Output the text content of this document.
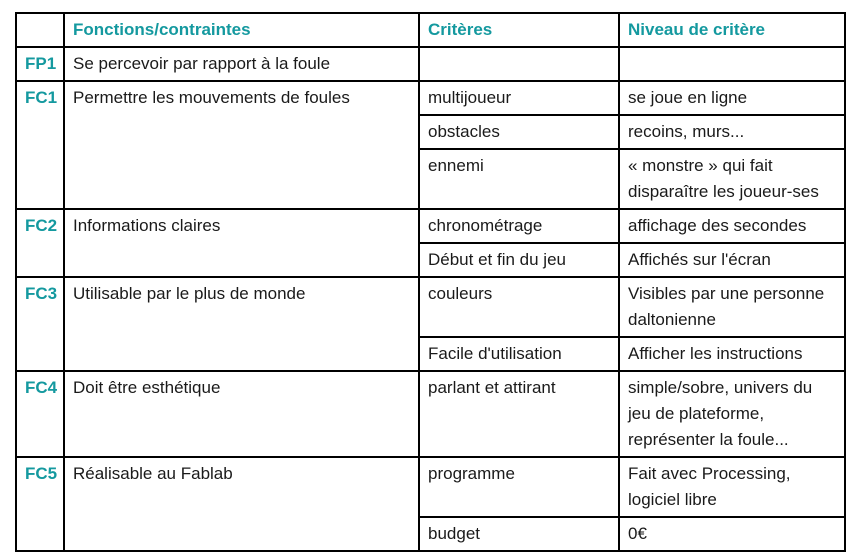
	Fonctions/contraintes	Critères	Niveau de critère
FP1	Se percevoir par rapport à la foule		
FC1	Permettre les mouvements de foules	multijoueur	se joue en ligne
		obstacles	recoins, murs...
		ennemi	« monstre » qui fait disparaître les joueur-ses
FC2	Informations claires	chronométrage	affichage des secondes
		Début et fin du jeu	Affichés sur l'écran
FC3	Utilisable par le plus de monde	couleurs	Visibles par une personne daltonienne
		Facile d'utilisation	Afficher les instructions
FC4	Doit être esthétique	parlant et attirant	simple/sobre, univers du jeu de plateforme, représenter la foule...
FC5	Réalisable au Fablab	programme	Fait avec Processing, logiciel libre
		budget	0€
